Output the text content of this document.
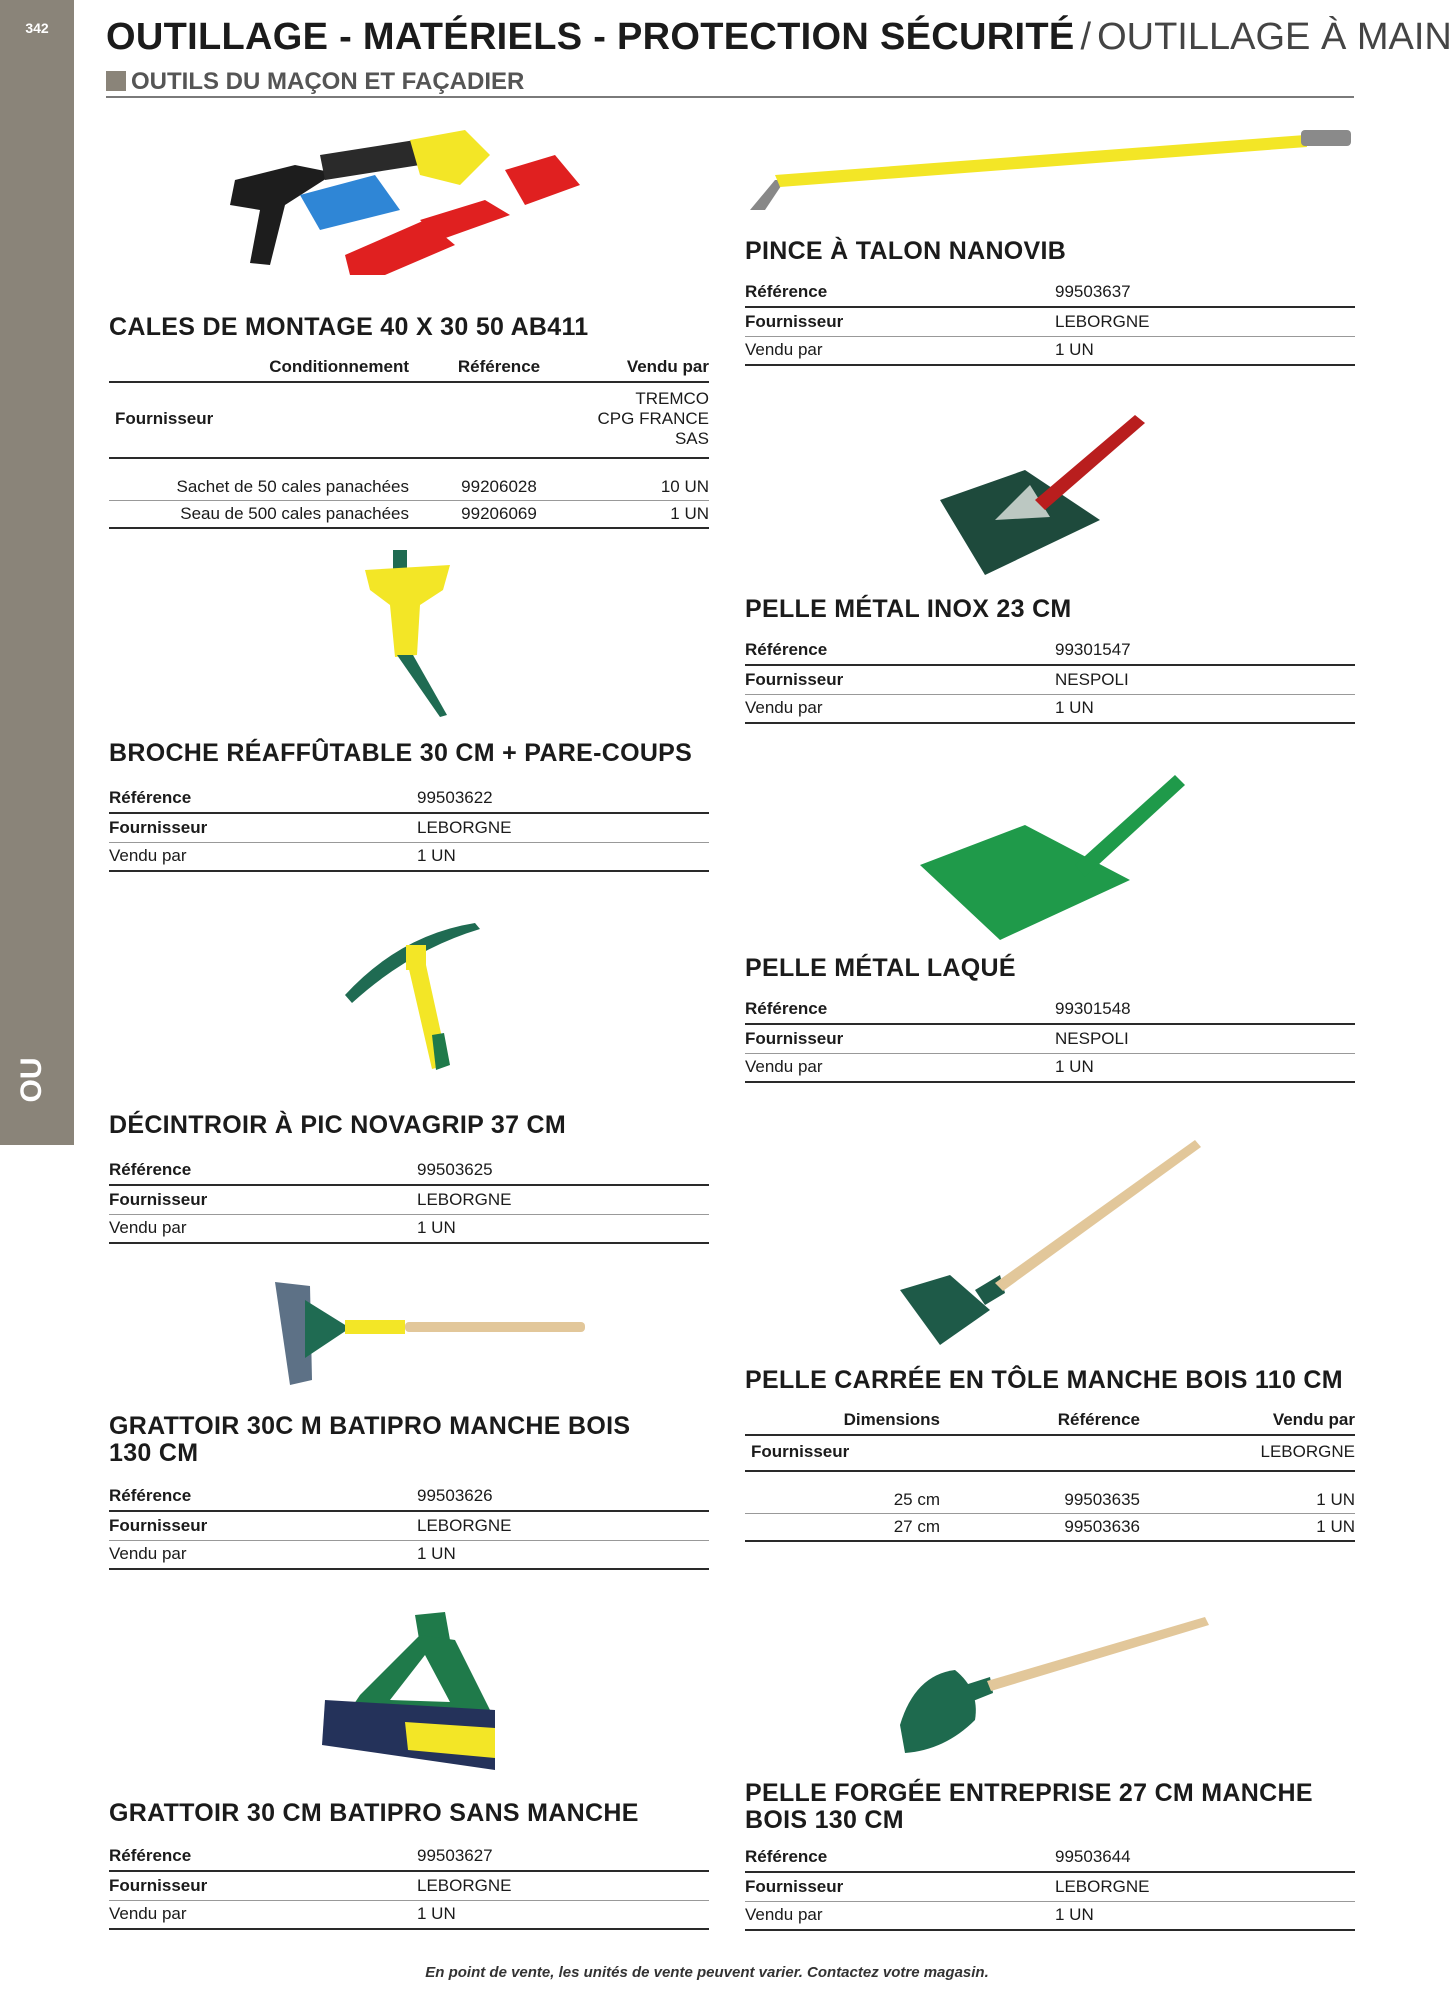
342
OU
OUTILLAGE - MATÉRIELS - PROTECTION SÉCURITÉ / OUTILLAGE À MAIN
OUTILS DU MAÇON ET FAÇADIER
CALES DE MONTAGE 40 X 30 50 AB411
Fournisseur		TREMCO CPG FRANCE SAS

Conditionnement	Référence	Vendu par
Sachet de 50 cales panachées	99206028	10 UN
Seau de 500 cales panachées	99206069	1 UN
BROCHE RÉAFFÛTABLE 30 CM + PARE-COUPS
Référence	99503622
Fournisseur	LEBORGNE
Vendu par	1 UN
DÉCINTROIR À PIC NOVAGRIP 37 CM
Référence	99503625
Fournisseur	LEBORGNE
Vendu par	1 UN
GRATTOIR 30C M BATIPRO MANCHE BOIS 130 CM
Référence	99503626
Fournisseur	LEBORGNE
Vendu par	1 UN
GRATTOIR 30 CM BATIPRO SANS MANCHE
Référence	99503627
Fournisseur	LEBORGNE
Vendu par	1 UN
PINCE À TALON NANOVIB
Référence	99503637
Fournisseur	LEBORGNE
Vendu par	1 UN
PELLE MÉTAL INOX 23 CM
Référence	99301547
Fournisseur	NESPOLI
Vendu par	1 UN
PELLE MÉTAL LAQUÉ
Référence	99301548
Fournisseur	NESPOLI
Vendu par	1 UN
PELLE CARRÉE EN TÔLE MANCHE BOIS 110 CM
Fournisseur		LEBORGNE

Dimensions	Référence	Vendu par
25 cm	99503635	1 UN
27 cm	99503636	1 UN
PELLE FORGÉE ENTREPRISE 27 CM MANCHE BOIS 130 CM
Référence	99503644
Fournisseur	LEBORGNE
Vendu par	1 UN
En point de vente, les unités de vente peuvent varier. Contactez votre magasin.
